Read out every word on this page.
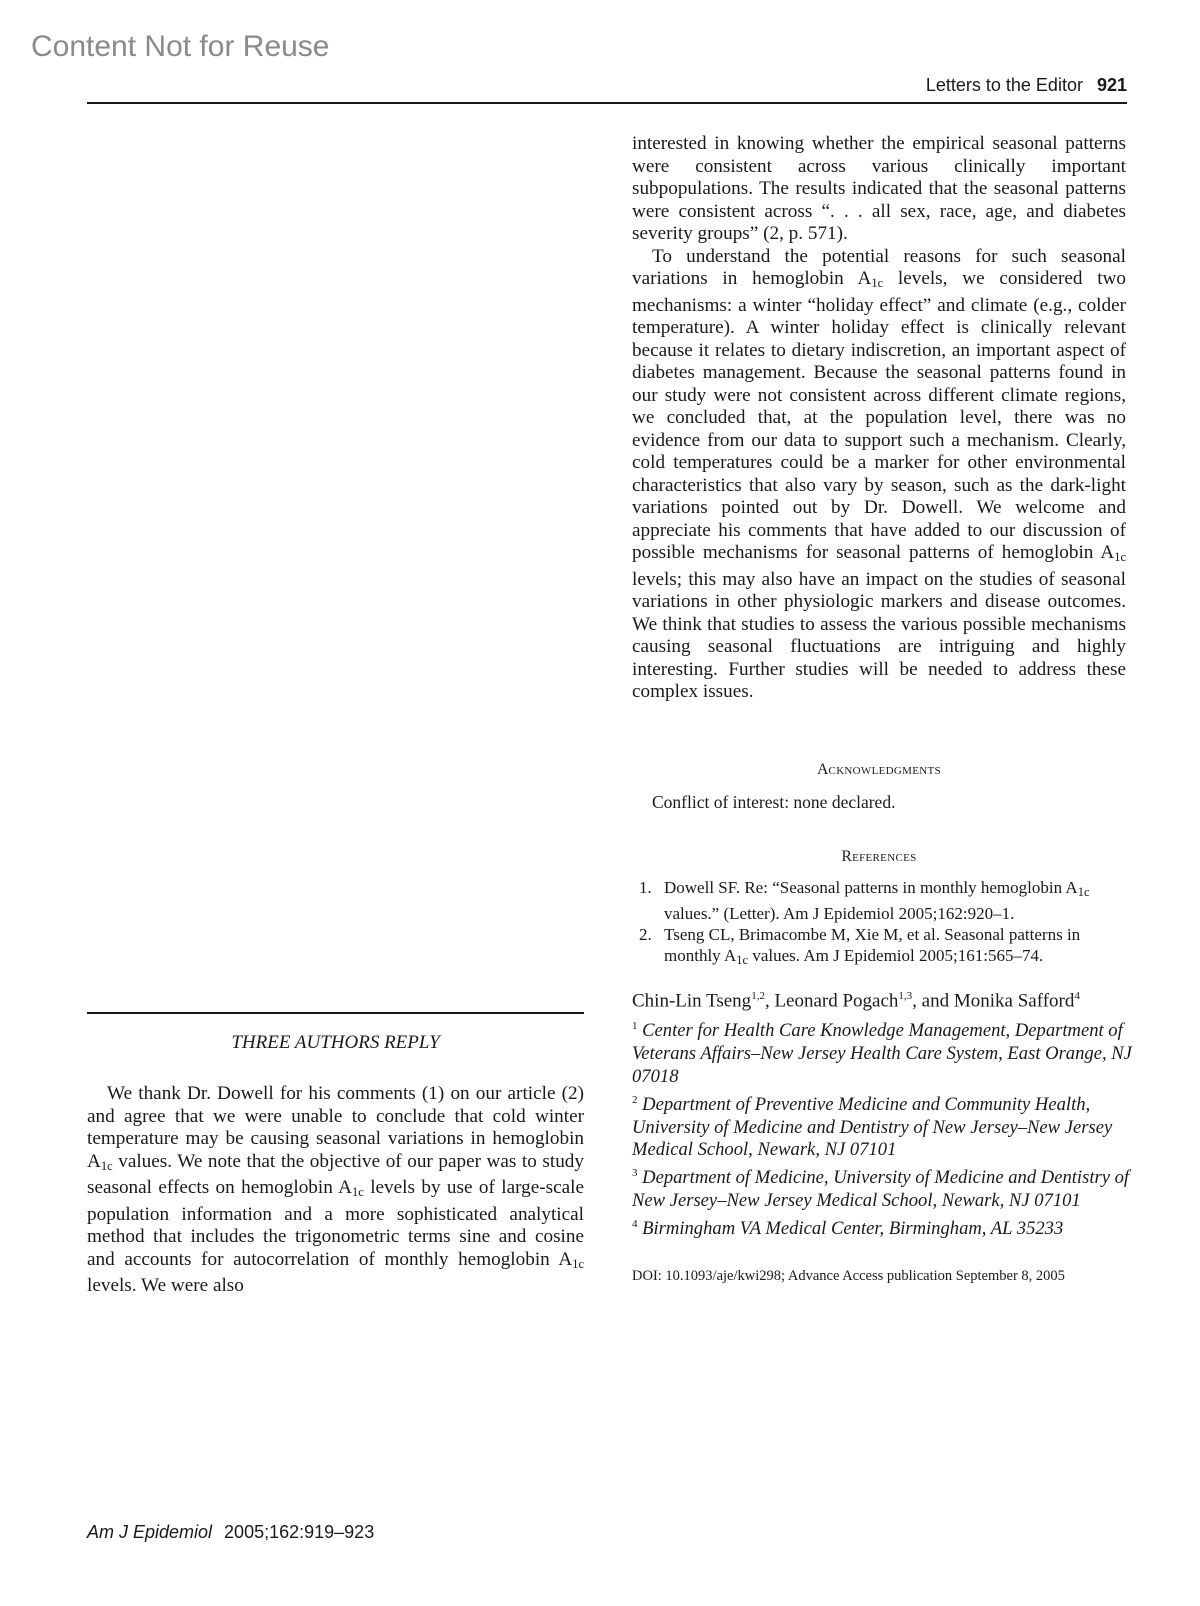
Content Not for Reuse
Letters to the Editor 921

interested in knowing whether the empirical seasonal patterns were consistent across various clinically important subpopulations. The results indicated that the seasonal patterns were consistent across “. . . all sex, race, age, and diabetes severity groups” (2, p. 571).

To understand the potential reasons for such seasonal variations in hemoglobin $A_{1c}$ levels, we considered two mechanisms: a winter “holiday effect” and climate (e.g., colder temperature). A winter holiday effect is clinically relevant because it relates to dietary indiscretion, an important aspect of diabetes management. Because the seasonal patterns found in our study were not consistent across different climate regions, we concluded that, at the population level, there was no evidence from our data to support such a mechanism. Clearly, cold temperatures could be a marker for other environmental characteristics that also vary by season, such as the dark-light variations pointed out by Dr. Dowell. We welcome and appreciate his comments that have added to our discussion of possible mechanisms for seasonal patterns of hemoglobin $A_{1c}$ levels; this may also have an impact on the studies of seasonal variations in other physiologic markers and disease outcomes. We think that studies to assess the various possible mechanisms causing seasonal fluctuations are intriguing and highly interesting. Further studies will be needed to address these complex issues.

Acknowledgments
Conflict of interest: none declared.
References
1. Dowell SF. Re: “Seasonal patterns in monthly hemoglobin $A_{1c}$ values.” (Letter). Am J Epidemiol 2005;162:920–1.
2. Tseng CL, Brimacombe M, Xie M, et al. Seasonal patterns in monthly $A_{1c}$ values. Am J Epidemiol 2005;161:565–74.

Chin-Lin Tseng$^{1,2}$, Leonard Pogach$^{1,3}$, and Monika Safford$^4$

$^1$ Center for Health Care Knowledge Management, Department of Veterans Affairs–New Jersey Health Care System, East Orange, NJ 07018

$^2$ Department of Preventive Medicine and Community Health, University of Medicine and Dentistry of New Jersey–New Jersey Medical School, Newark, NJ 07101

$^3$ Department of Medicine, University of Medicine and Dentistry of New Jersey–New Jersey Medical School, Newark, NJ 07101

$^4$ Birmingham VA Medical Center, Birmingham, AL 35233

DOI: 10.1093/aje/kwi298; Advance Access publication September 8, 2005
THREE AUTHORS REPLY

We thank Dr. Dowell for his comments (1) on our article (2) and agree that we were unable to conclude that cold winter temperature may be causing seasonal variations in hemoglobin $A_{1c}$ values. We note that the objective of our paper was to study seasonal effects on hemoglobin $A_{1c}$ levels by use of large-scale population information and a more sophisticated analytical method that includes the trigonometric terms sine and cosine and accounts for autocorrelation of monthly hemoglobin $A_{1c}$ levels. We were also

Am J Epidemiol 2005;162:919–923
